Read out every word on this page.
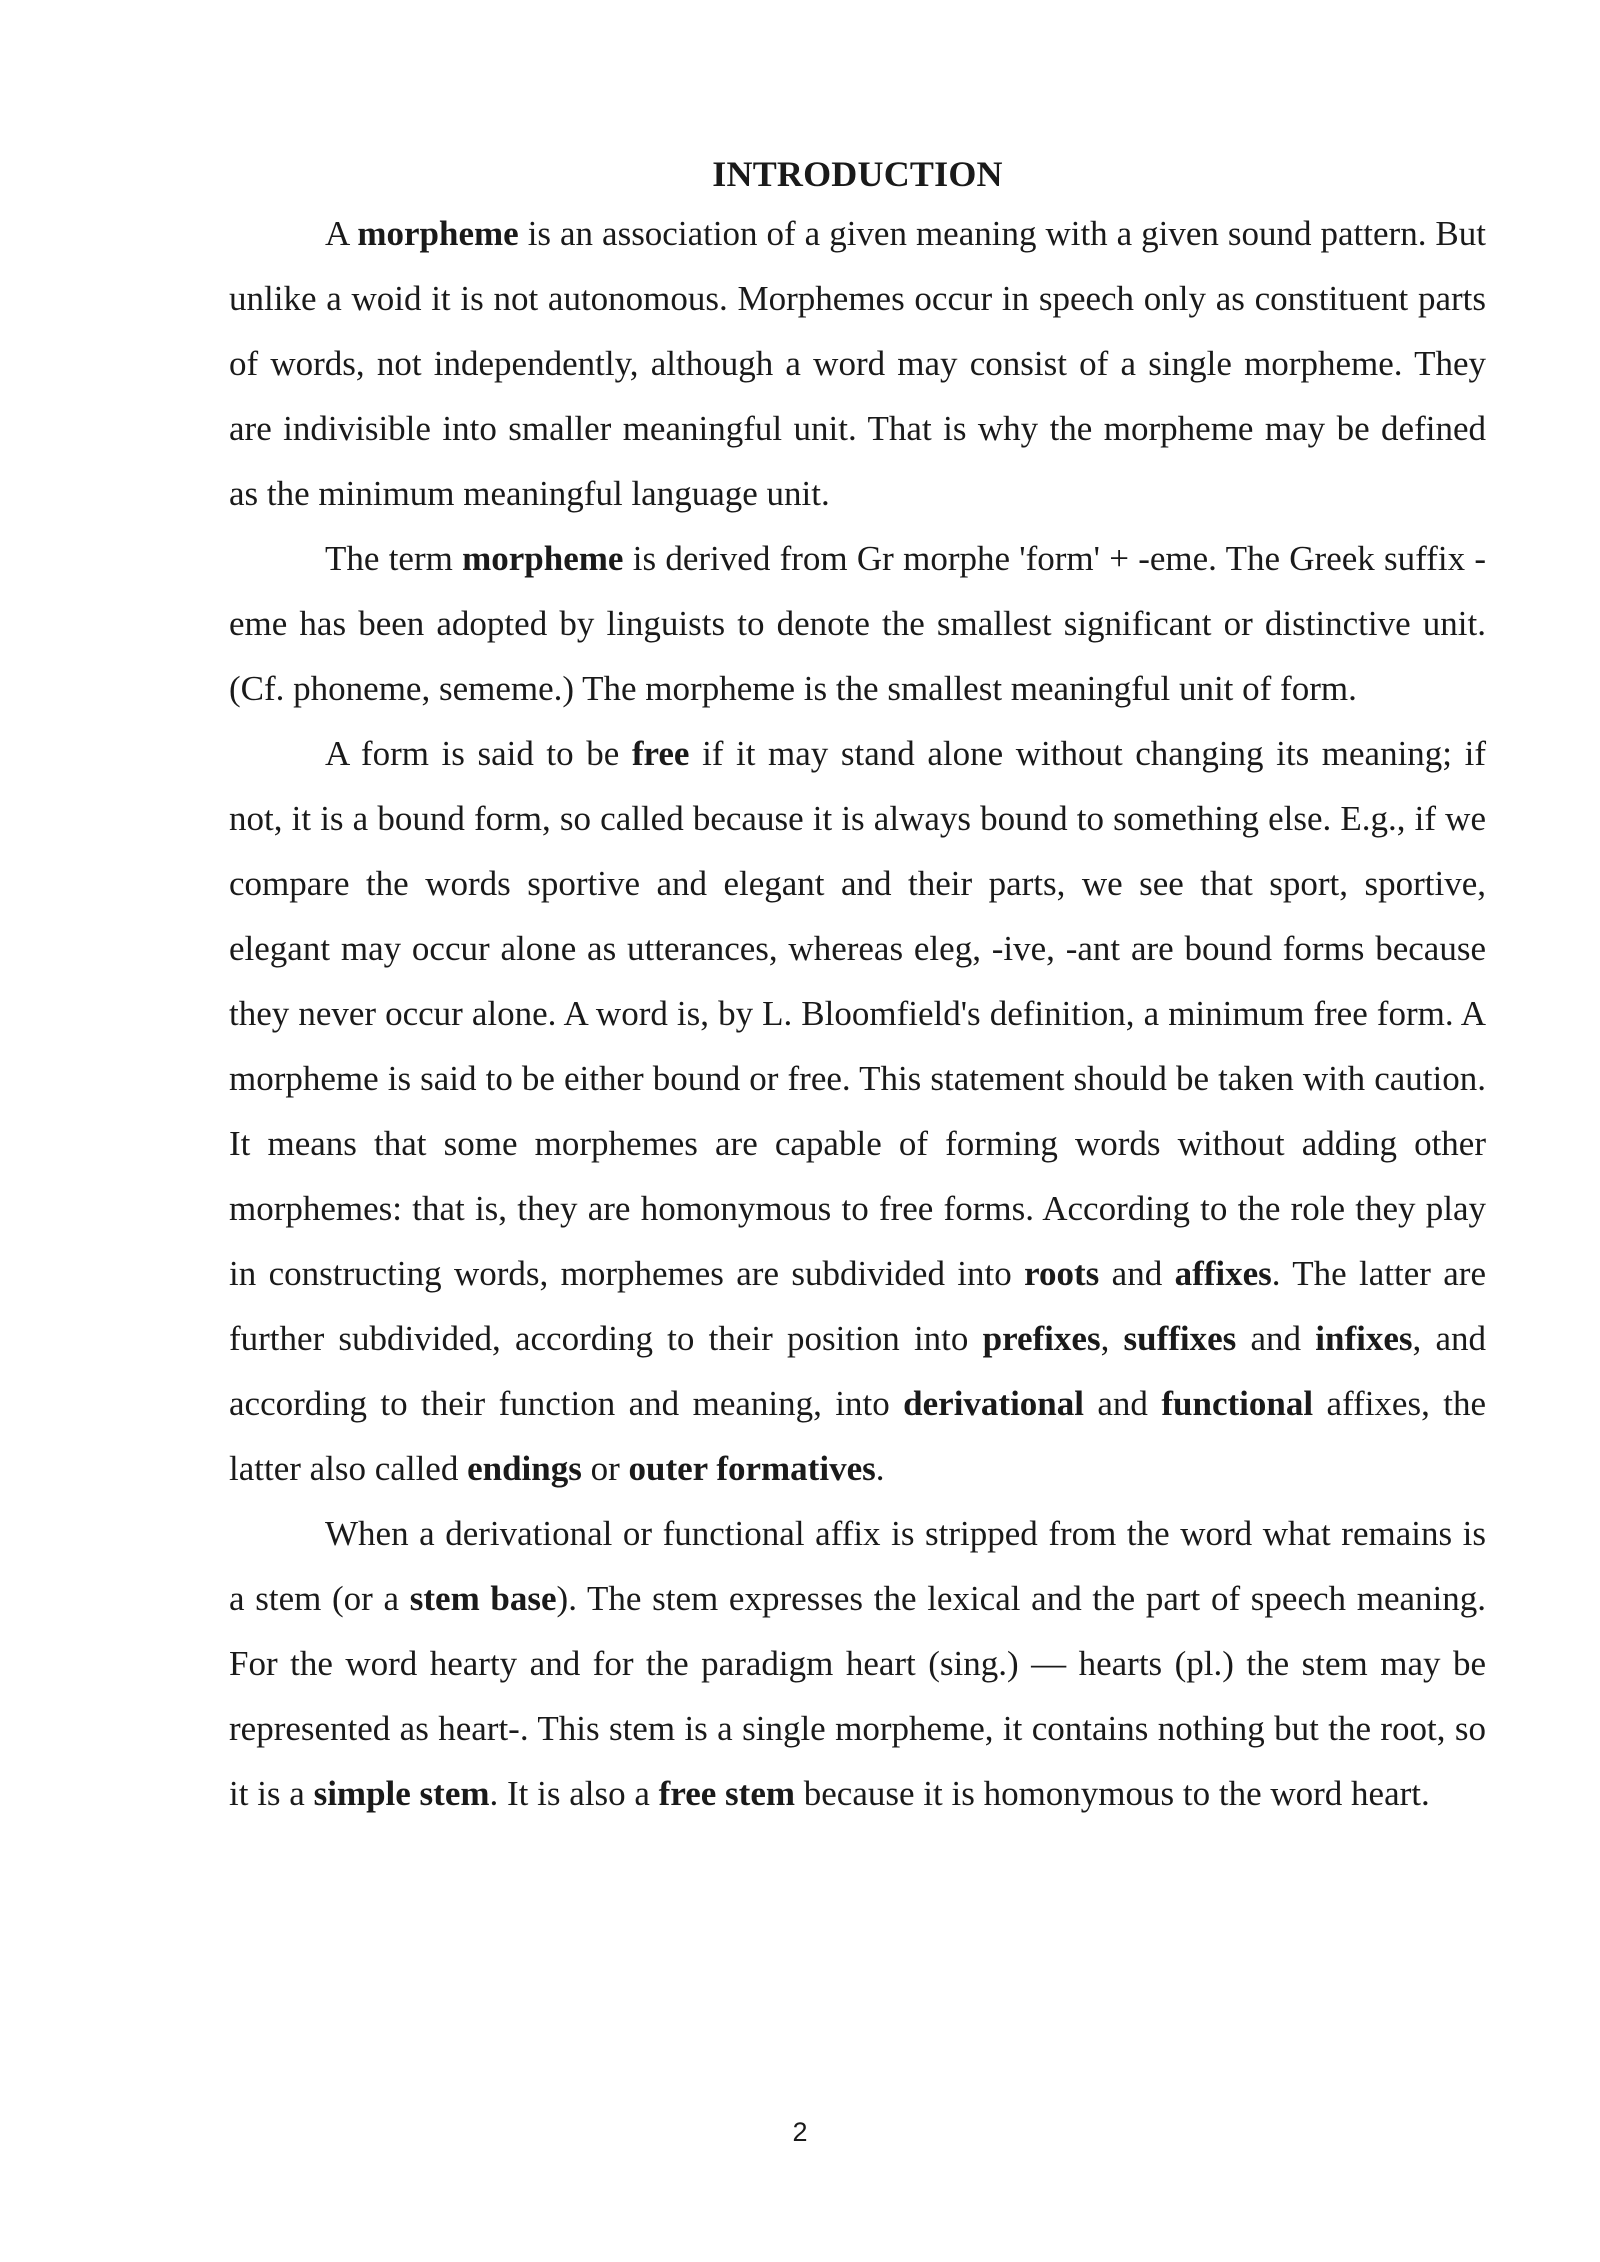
INTRODUCTION

A morpheme is an association of a given meaning with a given sound pattern. But unlike a woid it is not autonomous. Morphemes occur in speech only as constituent parts of words, not independently, although a word may consist of a single morpheme. They are indivisible into smaller meaningful unit. That is why the morpheme may be defined as the minimum meaningful language unit.

The term morpheme is derived from Gr morphe 'form' + -eme. The Greek suffix -eme has been adopted by linguists to denote the smallest significant or distinctive unit. (Cf. phoneme, sememe.) The morpheme is the smallest meaningful unit of form.

A form is said to be free if it may stand alone without changing its meaning; if not, it is a bound form, so called because it is always bound to something else. E.g., if we compare the words sportive and elegant and their parts, we see that sport, sportive, elegant may occur alone as utterances, whereas eleg, -ive, -ant are bound forms because they never occur alone. A word is, by L. Bloomfield's definition, a minimum free form. A morpheme is said to be either bound or free. This statement should be taken with caution. It means that some morphemes are capable of forming words without adding other morphemes: that is, they are homonymous to free forms. According to the role they play in constructing words, morphemes are subdivided into roots and affixes. The latter are further subdivided, according to their position into prefixes, suffixes and infixes, and according to their function and meaning, into derivational and functional affixes, the latter also called endings or outer formatives.

When a derivational or functional affix is stripped from the word what remains is a stem (or a stem base). The stem expresses the lexical and the part of speech meaning. For the word hearty and for the paradigm heart (sing.) — hearts (pl.) the stem may be represented as heart-. This stem is a single morpheme, it contains nothing but the root, so it is a simple stem. It is also a free stem because it is homonymous to the word heart.

2
